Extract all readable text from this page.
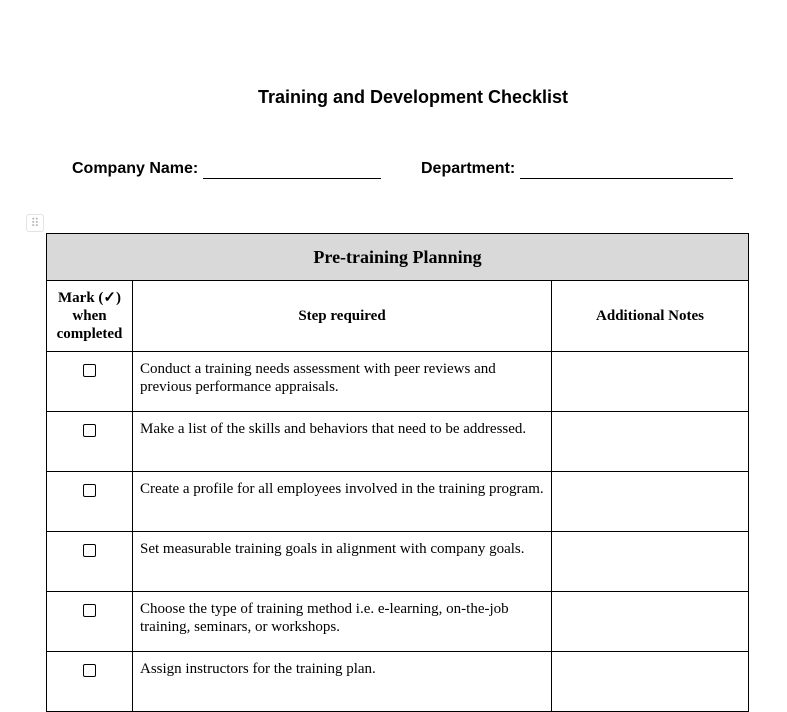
Training and Development Checklist
Company Name:	Department:
⠿
Pre-training Planning		

Mark (✓) when completed	Step required	Additional Notes
	Conduct a training needs assessment with peer reviews and previous performance appraisals.	
	Make a list of the skills and behaviors that need to be addressed.	
	Create a profile for all employees involved in the training program.	
	Set measurable training goals in alignment with company goals.	
	Choose the type of training method i.e. e-learning, on-the-job training, seminars, or workshops.	
	Assign instructors for the training plan.	
